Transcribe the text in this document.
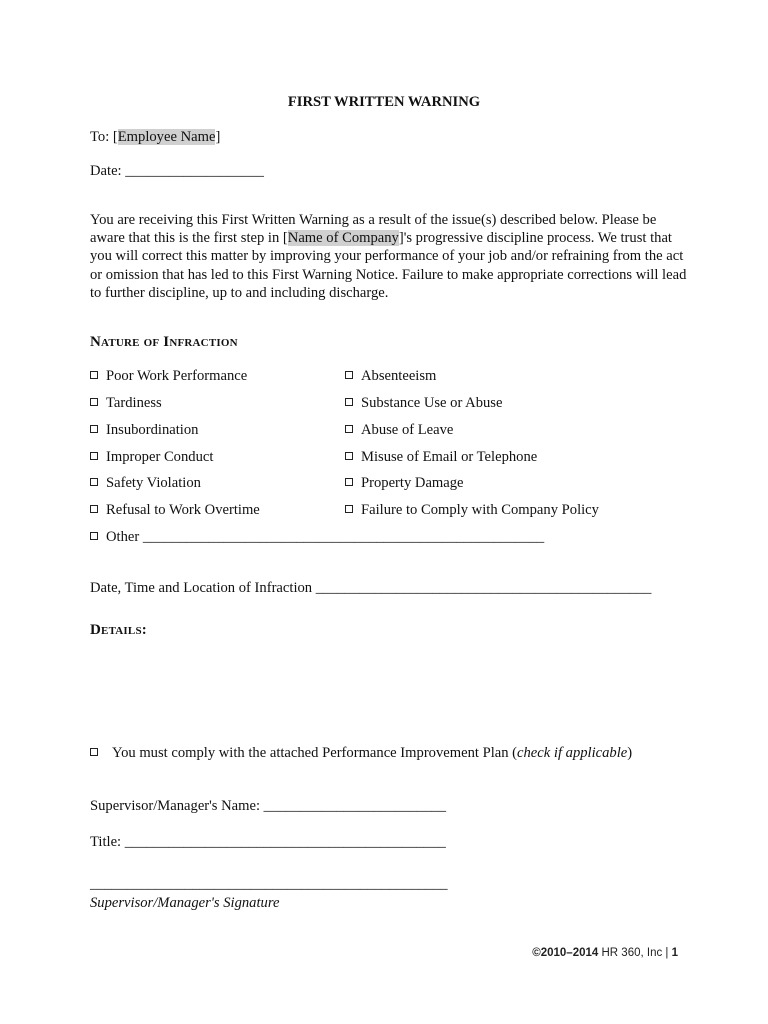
FIRST WRITTEN WARNING
To: [Employee Name]
Date: ___________________
You are receiving this First Written Warning as a result of the issue(s) described below. Please be aware that this is the first step in [Name of Company]'s progressive discipline process. We trust that you will correct this matter by improving your performance of your job and/or refraining from the act or omission that has led to this First Warning Notice. Failure to make appropriate corrections will lead to further discipline, up to and including discharge.
Nature of Infraction
Poor Work Performance
Tardiness
Insubordination
Improper Conduct
Safety Violation
Refusal to Work Overtime
Other _______________________________________________________
Absenteeism
Substance Use or Abuse
Abuse of Leave
Misuse of Email or Telephone
Property Damage
Failure to Comply with Company Policy
Date, Time and Location of Infraction ______________________________________________
Details:
You must comply with the attached Performance Improvement Plan (check if applicable)
Supervisor/Manager's Name: _________________________
Title: ____________________________________________
_________________________________________________
Supervisor/Manager's Signature
©2010–2014 HR 360, Inc | 1
